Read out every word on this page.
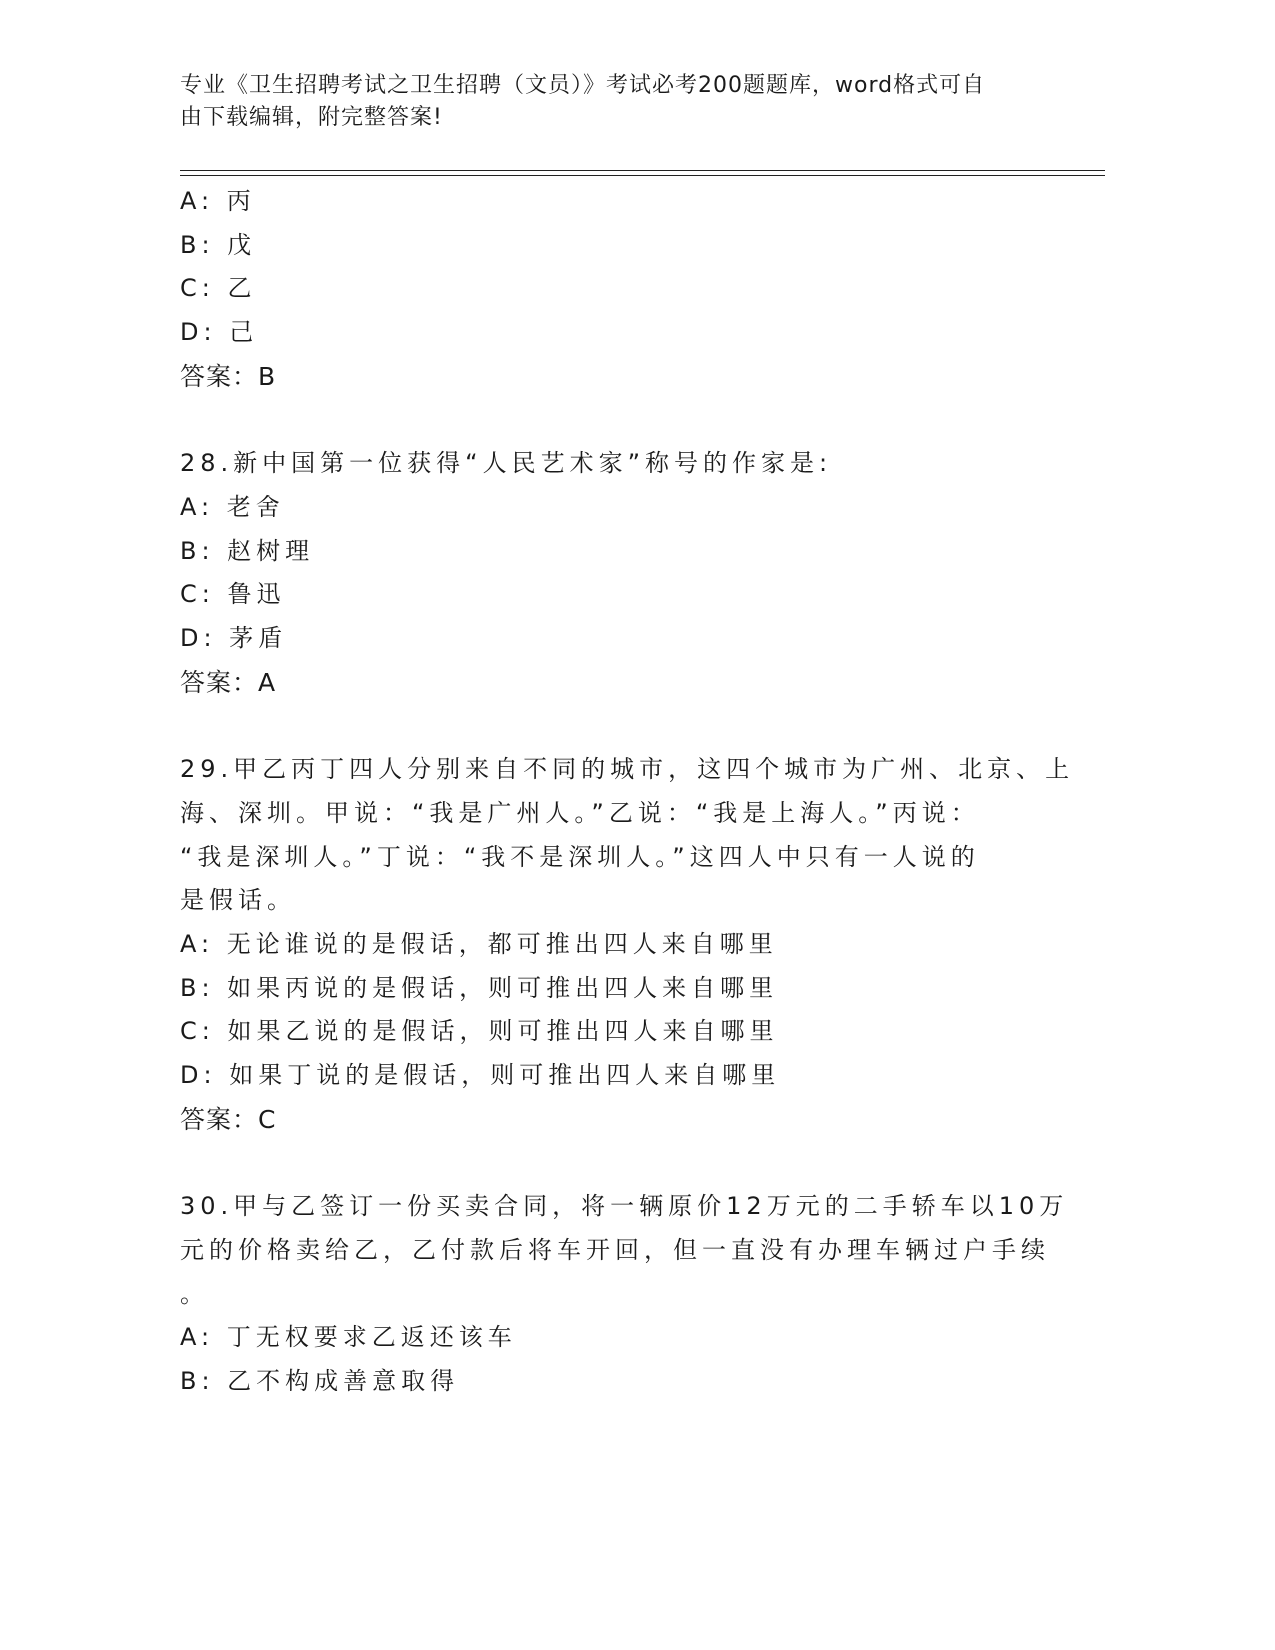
专业《卫生招聘考试之卫生招聘（文员）》考试必考200题题库，word格式可自
由下载编辑，附完整答案!
A: 丙
B: 戊
C: 乙
D: 己
答案：B
28.新中国第一位获得“人民艺术家”称号的作家是:
A: 老舍
B: 赵树理
C: 鲁迅
D: 茅盾
答案：A
29.甲乙丙丁四人分别来自不同的城市，这四个城市为广州、北京、上
海、深圳。甲说：“我是广州人。”乙说：“我是上海人。”丙说：
“我是深圳人。”丁说：“我不是深圳人。”这四人中只有一人说的
是假话。
A: 无论谁说的是假话，都可推出四人来自哪里
B: 如果丙说的是假话，则可推出四人来自哪里
C: 如果乙说的是假话，则可推出四人来自哪里
D: 如果丁说的是假话，则可推出四人来自哪里
答案：C
30.甲与乙签订一份买卖合同，将一辆原价12万元的二手轿车以10万
元的价格卖给乙，乙付款后将车开回，但一直没有办理车辆过户手续
。
A: 丁无权要求乙返还该车
B: 乙不构成善意取得
